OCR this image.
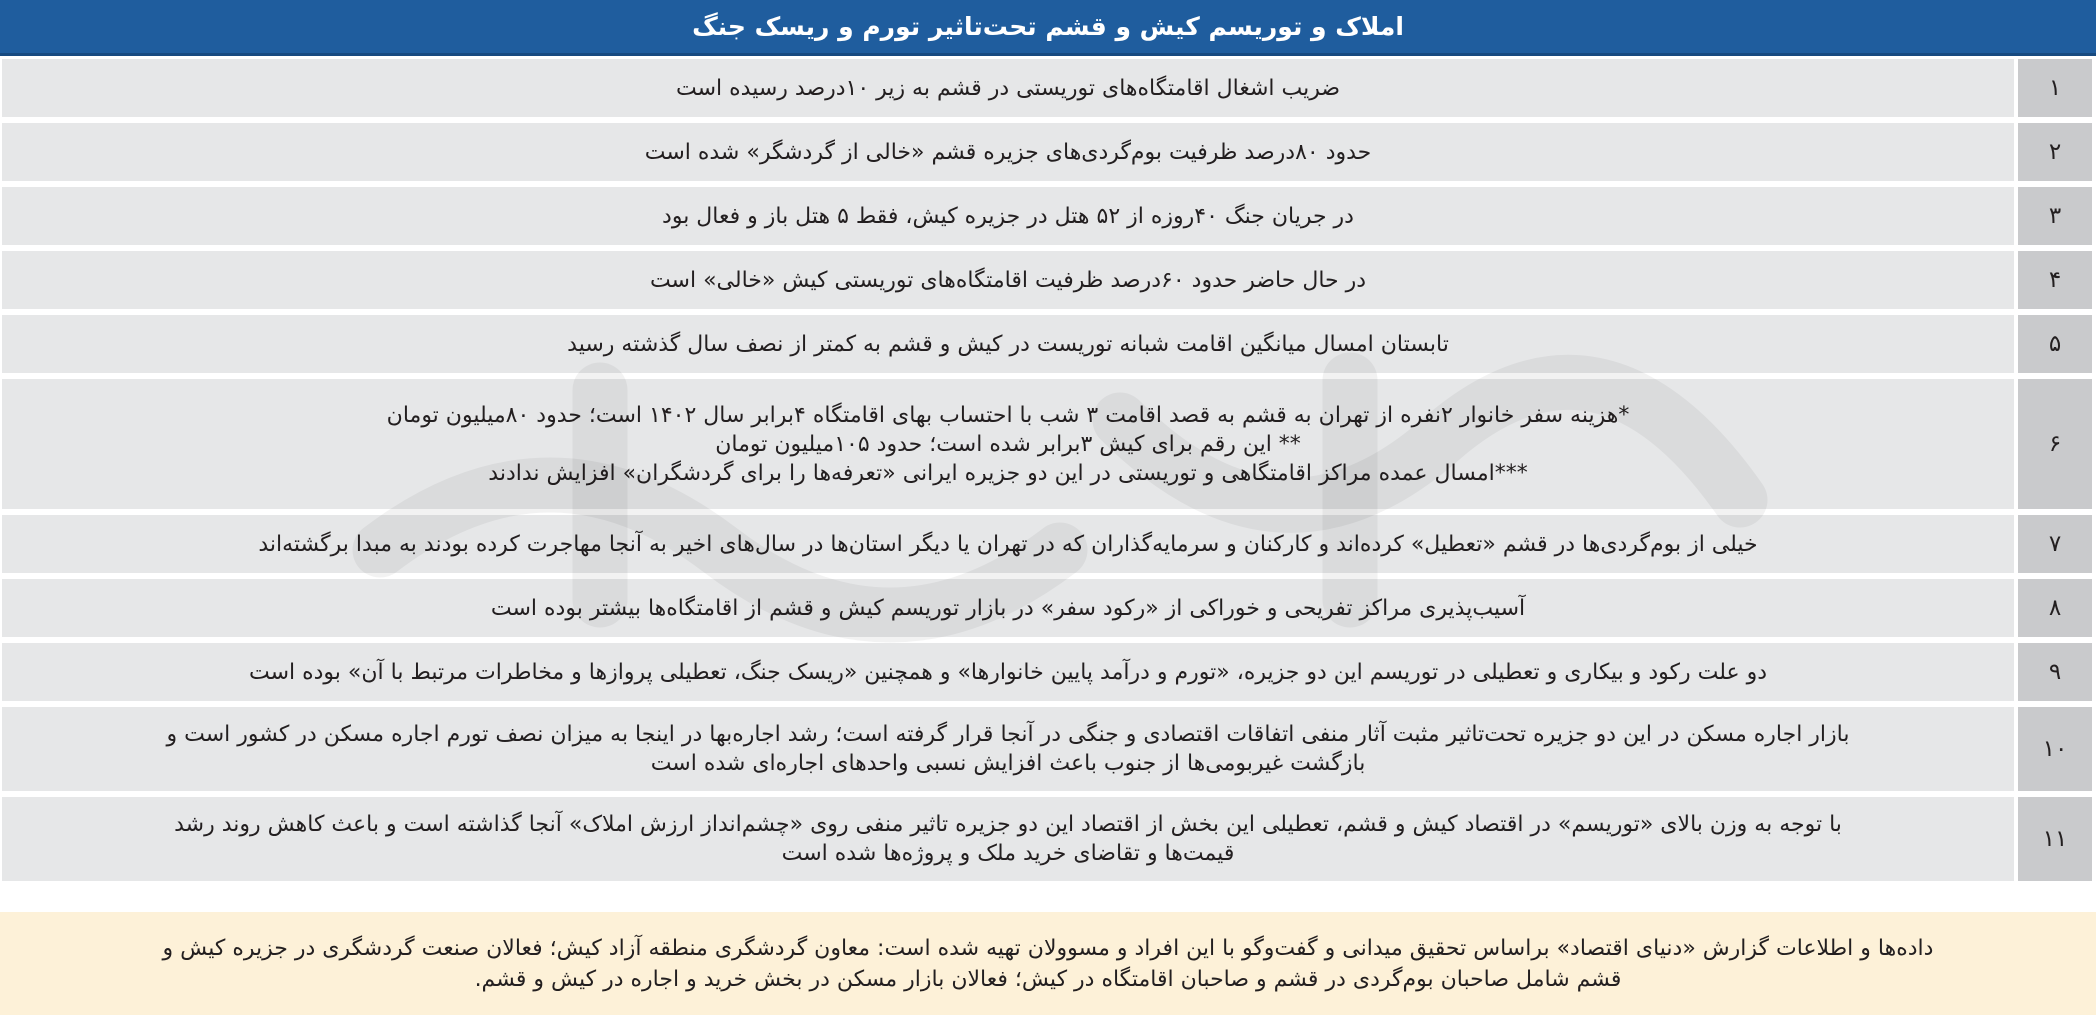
املاک و توریسم کیش و قشم تحت‌تاثیر تورم و ریسک جنگ
ضریب اشغال اقامتگاه‌های توریستی در قشم به زیر ۱۰درصد رسیده است	۱
حدود ۸۰درصد ظرفیت بوم‌گردی‌های جزیره قشم «خالی از گردشگر» شده است	۲
در جریان جنگ ۴۰روزه از ۵۲ هتل در جزیره کیش، فقط ۵ هتل باز و فعال بود	۳
در حال حاضر حدود ۶۰درصد ظرفیت اقامتگاه‌های توریستی کیش «خالی» است	۴
تابستان امسال میانگین اقامت شبانه توریست در کیش و قشم به کمتر از نصف سال گذشته رسید	۵
*هزینه سفر خانوار ۲نفره از تهران به قشم به قصد اقامت ۳ شب با احتساب بهای اقامتگاه ۴برابر سال ۱۴۰۲ است؛ حدود ۸۰میلیون تومان
** این رقم برای کیش ۳برابر شده است؛ حدود ۱۰۵میلیون تومان
***امسال عمده مراکز اقامتگاهی و توریستی در این دو جزیره ایرانی «تعرفه‌ها را برای گردشگران» افزایش ندادند
۶
خیلی از بوم‌گردی‌ها در قشم «تعطیل» کرده‌اند و کارکنان و سرمایه‌گذاران که در تهران یا دیگر استان‌ها در سال‌های اخیر به آنجا مهاجرت کرده بودند به مبدا برگشته‌اند	۷
آسیب‌پذیری مراکز تفریحی و خوراکی از «رکود سفر» در بازار توریسم کیش و قشم از اقامتگاه‌ها بیشتر بوده است	۸
دو علت رکود و بیکاری و تعطیلی در توریسم این دو جزیره، «تورم و درآمد پایین خانوارها» و همچنین «ریسک جنگ، تعطیلی پروازها و مخاطرات مرتبط با آن» بوده است	۹
بازار اجاره مسکن در این دو جزیره تحت‌تاثیر مثبت آثار منفی اتفاقات اقتصادی و جنگی در آنجا قرار گرفته است؛ رشد اجاره‌بها در اینجا به میزان نصف تورم اجاره مسکن در کشور است و
بازگشت غیربومی‌ها از جنوب باعث افزایش نسبی واحدهای اجاره‌ای شده است
۱۰
با توجه به وزن بالای «توریسم» در اقتصاد کیش و قشم، تعطیلی این بخش از اقتصاد این دو جزیره تاثیر منفی روی «چشم‌انداز ارزش املاک» آنجا گذاشته است و باعث کاهش روند رشد
قیمت‌ها و تقاضای خرید ملک و پروژه‌ها شده است
۱۱
داده‌ها و اطلاعات گزارش «دنیای اقتصاد» براساس تحقیق میدانی و گفت‌وگو با این افراد و مسوولان تهیه شده است: معاون گردشگری منطقه آزاد کیش؛ فعالان صنعت گردشگری در جزیره کیش و
قشم شامل صاحبان بوم‌گردی در قشم و صاحبان اقامتگاه در کیش؛ فعالان بازار مسکن در بخش خرید و اجاره در کیش و قشم.
